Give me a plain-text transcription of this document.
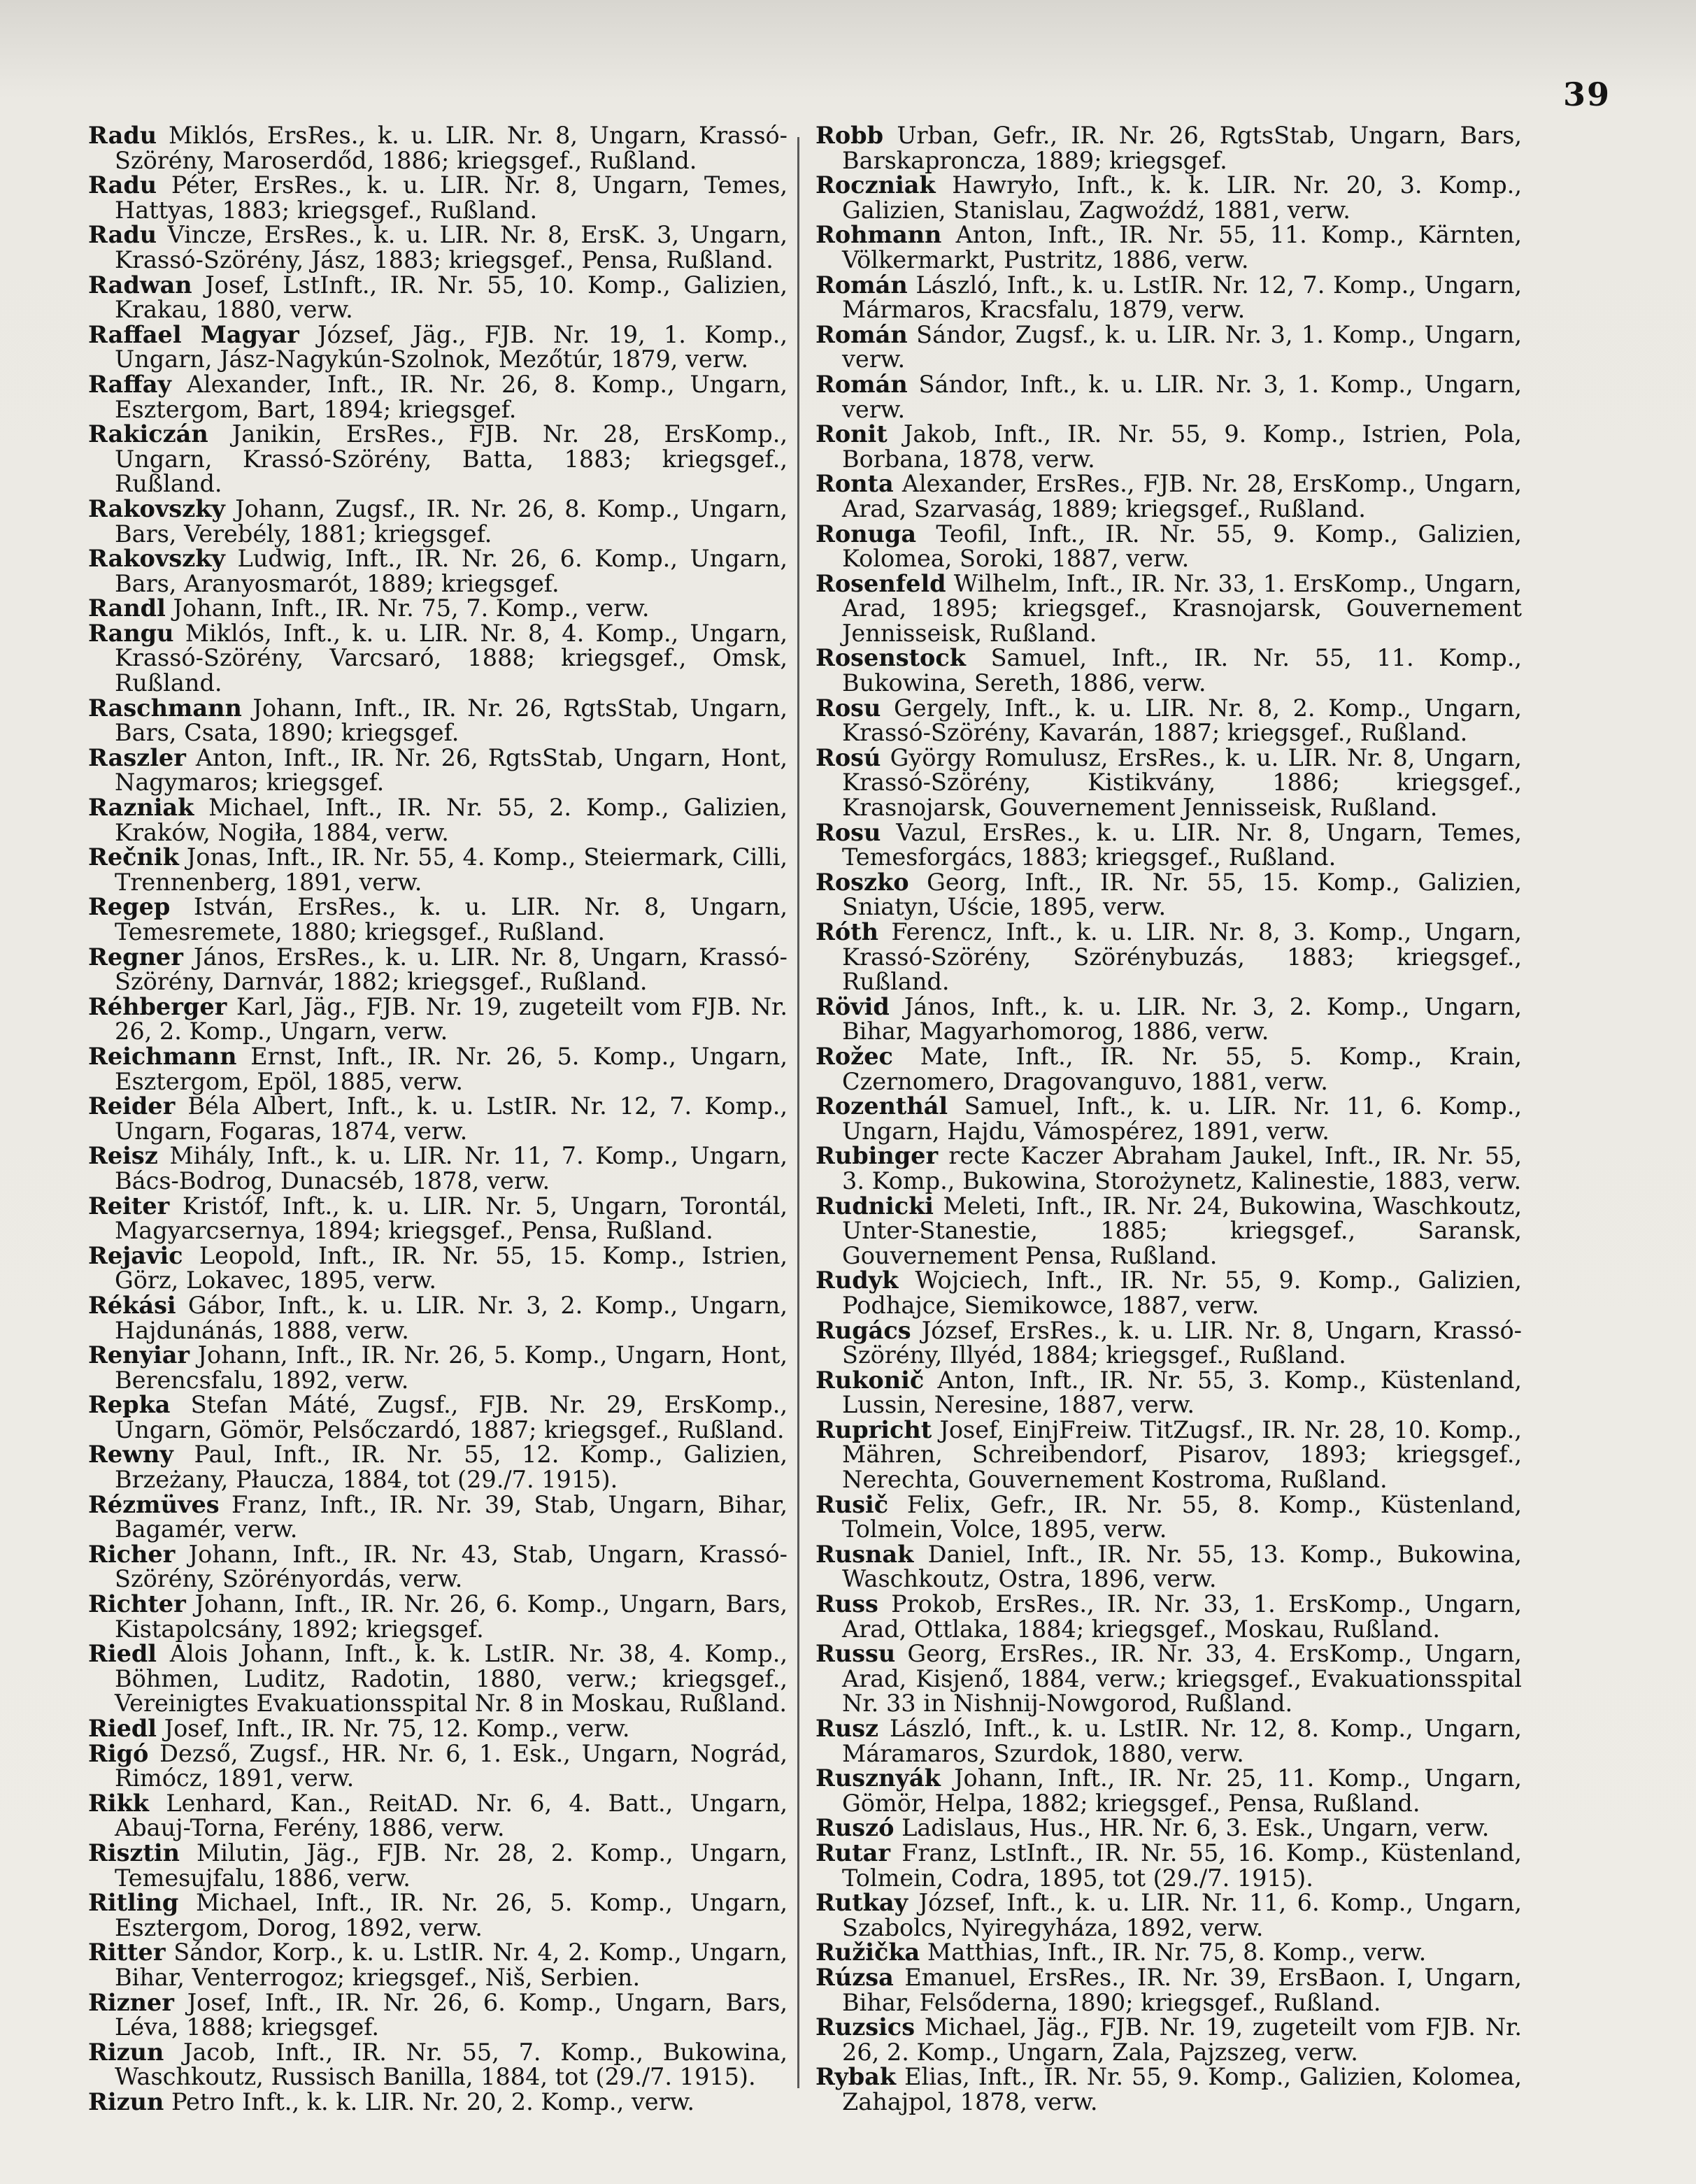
39

Radu Miklós, ErsRes., k. u. LIR. Nr. 8, Ungarn, Krassó-Szörény, Maroserdőd, 1886; kriegsgef., Rußland.

Radu Péter, ErsRes., k. u. LIR. Nr. 8, Ungarn, Temes, Hattyas, 1883; kriegsgef., Rußland.

Radu Vincze, ErsRes., k. u. LIR. Nr. 8, ErsK. 3, Ungarn, Krassó-Szörény, Jász, 1883; kriegsgef., Pensa, Rußland.

Radwan Josef, LstInft., IR. Nr. 55, 10. Komp., Galizien, Krakau, 1880, verw.

Raffael Magyar József, Jäg., FJB. Nr. 19, 1. Komp., Ungarn, Jász-Nagykún-Szolnok, Mezőtúr, 1879, verw.

Raffay Alexander, Inft., IR. Nr. 26, 8. Komp., Ungarn, Esztergom, Bart, 1894; kriegsgef.

Rakiczán Janikin, ErsRes., FJB. Nr. 28, ErsKomp., Ungarn, Krassó-Szörény, Batta, 1883; kriegsgef., Rußland.

Rakovszky Johann, Zugsf., IR. Nr. 26, 8. Komp., Ungarn, Bars, Verebély, 1881; kriegsgef.

Rakovszky Ludwig, Inft., IR. Nr. 26, 6. Komp., Ungarn, Bars, Aranyosmarót, 1889; kriegsgef.

Randl Johann, Inft., IR. Nr. 75, 7. Komp., verw.

Rangu Miklós, Inft., k. u. LIR. Nr. 8, 4. Komp., Ungarn, Krassó-Szörény, Varcsaró, 1888; kriegsgef., Omsk, Rußland.

Raschmann Johann, Inft., IR. Nr. 26, RgtsStab, Ungarn, Bars, Csata, 1890; kriegsgef.

Raszler Anton, Inft., IR. Nr. 26, RgtsStab, Ungarn, Hont, Nagymaros; kriegsgef.

Razniak Michael, Inft., IR. Nr. 55, 2. Komp., Galizien, Kraków, Nogiła, 1884, verw.

Rečnik Jonas, Inft., IR. Nr. 55, 4. Komp., Steiermark, Cilli, Trennenberg, 1891, verw.

Regep István, ErsRes., k. u. LIR. Nr. 8, Ungarn, Temesremete, 1880; kriegsgef., Rußland.

Regner János, ErsRes., k. u. LIR. Nr. 8, Ungarn, Krassó-Szörény, Darnvár, 1882; kriegsgef., Rußland.

Réhberger Karl, Jäg., FJB. Nr. 19, zugeteilt vom FJB. Nr. 26, 2. Komp., Ungarn, verw.

Reichmann Ernst, Inft., IR. Nr. 26, 5. Komp., Ungarn, Esztergom, Epöl, 1885, verw.

Reider Béla Albert, Inft., k. u. LstIR. Nr. 12, 7. Komp., Ungarn, Fogaras, 1874, verw.

Reisz Mihály, Inft., k. u. LIR. Nr. 11, 7. Komp., Ungarn, Bács-Bodrog, Dunacséb, 1878, verw.

Reiter Kristóf, Inft., k. u. LIR. Nr. 5, Ungarn, Torontál, Magyarcsernya, 1894; kriegsgef., Pensa, Rußland.

Rejavic Leopold, Inft., IR. Nr. 55, 15. Komp., Istrien, Görz, Lokavec, 1895, verw.

Rékási Gábor, Inft., k. u. LIR. Nr. 3, 2. Komp., Ungarn, Hajdunánás, 1888, verw.

Renyiar Johann, Inft., IR. Nr. 26, 5. Komp., Ungarn, Hont, Berencsfalu, 1892, verw.

Repka Stefan Máté, Zugsf., FJB. Nr. 29, ErsKomp., Ungarn, Gömör, Pelsőczardó, 1887; kriegsgef., Rußland.

Rewny Paul, Inft., IR. Nr. 55, 12. Komp., Galizien, Brzeżany, Płaucza, 1884, tot (29./7. 1915).

Rézmüves Franz, Inft., IR. Nr. 39, Stab, Ungarn, Bihar, Bagamér, verw.

Richer Johann, Inft., IR. Nr. 43, Stab, Ungarn, Krassó-Szörény, Szörényordás, verw.

Richter Johann, Inft., IR. Nr. 26, 6. Komp., Ungarn, Bars, Kistapolcsány, 1892; kriegsgef.

Riedl Alois Johann, Inft., k. k. LstIR. Nr. 38, 4. Komp., Böhmen, Luditz, Radotin, 1880, verw.; kriegsgef., Vereinigtes Evakuationsspital Nr. 8 in Moskau, Rußland.

Riedl Josef, Inft., IR. Nr. 75, 12. Komp., verw.

Rigó Dezső, Zugsf., HR. Nr. 6, 1. Esk., Ungarn, Nográd, Rimócz, 1891, verw.

Rikk Lenhard, Kan., ReitAD. Nr. 6, 4. Batt., Ungarn, Abauj-Torna, Ferény, 1886, verw.

Risztin Milutin, Jäg., FJB. Nr. 28, 2. Komp., Ungarn, Temesujfalu, 1886, verw.

Ritling Michael, Inft., IR. Nr. 26, 5. Komp., Ungarn, Esztergom, Dorog, 1892, verw.

Ritter Sándor, Korp., k. u. LstIR. Nr. 4, 2. Komp., Ungarn, Bihar, Venterrogoz; kriegsgef., Niš, Serbien.

Rizner Josef, Inft., IR. Nr. 26, 6. Komp., Ungarn, Bars, Léva, 1888; kriegsgef.

Rizun Jacob, Inft., IR. Nr. 55, 7. Komp., Bukowina, Waschkoutz, Russisch Banilla, 1884, tot (29./7. 1915).

Rizun Petro Inft., k. k. LIR. Nr. 20, 2. Komp., verw.

Robb Urban, Gefr., IR. Nr. 26, RgtsStab, Ungarn, Bars, Barskapronczа, 1889; kriegsgef.

Roczniak Hawryło, Inft., k. k. LIR. Nr. 20, 3. Komp., Galizien, Stanislau, Zagwoźdź, 1881, verw.

Rohmann Anton, Inft., IR. Nr. 55, 11. Komp., Kärnten, Völkermarkt, Pustritz, 1886, verw.

Román László, Inft., k. u. LstIR. Nr. 12, 7. Komp., Ungarn, Mármaros, Kracsfalu, 1879, verw.

Román Sándor, Zugsf., k. u. LIR. Nr. 3, 1. Komp., Ungarn, verw.

Román Sándor, Inft., k. u. LIR. Nr. 3, 1. Komp., Ungarn, verw.

Ronit Jakob, Inft., IR. Nr. 55, 9. Komp., Istrien, Pola, Borbana, 1878, verw.

Ronta Alexander, ErsRes., FJB. Nr. 28, ErsKomp., Ungarn, Arad, Szarvaság, 1889; kriegsgef., Rußland.

Ronuga Teofil, Inft., IR. Nr. 55, 9. Komp., Galizien, Kolomea, Soroki, 1887, verw.

Rosenfeld Wilhelm, Inft., IR. Nr. 33, 1. ErsKomp., Ungarn, Arad, 1895; kriegsgef., Krasnojarsk, Gouvernement Jennisseisk, Rußland.

Rosenstock Samuel, Inft., IR. Nr. 55, 11. Komp., Bukowina, Sereth, 1886, verw.

Rosu Gergely, Inft., k. u. LIR. Nr. 8, 2. Komp., Ungarn, Krassó-Szörény, Kavarán, 1887; kriegsgef., Rußland.

Rosú György Romulusz, ErsRes., k. u. LIR. Nr. 8, Ungarn, Krassó-Szörény, Kistikvány, 1886; kriegsgef., Krasnojarsk, Gouvernement Jennisseisk, Rußland.

Rosu Vazul, ErsRes., k. u. LIR. Nr. 8, Ungarn, Temes, Temesforgács, 1883; kriegsgef., Rußland.

Roszko Georg, Inft., IR. Nr. 55, 15. Komp., Galizien, Sniatyn, Uście, 1895, verw.

Róth Ferencz, Inft., k. u. LIR. Nr. 8, 3. Komp., Ungarn, Krassó-Szörény, Szörénybuzás, 1883; kriegsgef., Rußland.

Rövid János, Inft., k. u. LIR. Nr. 3, 2. Komp., Ungarn, Bihar, Magyarhomorog, 1886, verw.

Rožec Mate, Inft., IR. Nr. 55, 5. Komp., Krain, Czernomero, Dragovanguvo, 1881, verw.

Rozenthál Samuel, Inft., k. u. LIR. Nr. 11, 6. Komp., Ungarn, Hajdu, Vámospérez, 1891, verw.

Rubinger recte Kaczer Abraham Jaukel, Inft., IR. Nr. 55, 3. Komp., Bukowina, Storożynetz, Kalinestie, 1883, verw.

Rudnicki Meleti, Inft., IR. Nr. 24, Bukowina, Waschkoutz, Unter-Stanestie, 1885; kriegsgef., Saransk, Gouvernement Pensa, Rußland.

Rudyk Wojciech, Inft., IR. Nr. 55, 9. Komp., Galizien, Podhajce, Siemikowce, 1887, verw.

Rugács József, ErsRes., k. u. LIR. Nr. 8, Ungarn, Krassó-Szörény, Illyéd, 1884; kriegsgef., Rußland.

Rukonič Anton, Inft., IR. Nr. 55, 3. Komp., Küstenland, Lussin, Neresine, 1887, verw.

Rupricht Josef, EinjFreiw. TitZugsf., IR. Nr. 28, 10. Komp., Mähren, Schreibendorf, Pisarov, 1893; kriegsgef., Nerechta, Gouvernement Kostroma, Rußland.

Rusič Felix, Gefr., IR. Nr. 55, 8. Komp., Küstenland, Tolmein, Volce, 1895, verw.

Rusnak Daniel, Inft., IR. Nr. 55, 13. Komp., Bukowina, Waschkoutz, Ostra, 1896, verw.

Russ Prokob, ErsRes., IR. Nr. 33, 1. ErsKomp., Ungarn, Arad, Ottlaka, 1884; kriegsgef., Moskau, Rußland.

Russu Georg, ErsRes., IR. Nr. 33, 4. ErsKomp., Ungarn, Arad, Kisjenő, 1884, verw.; kriegsgef., Evakuationsspital Nr. 33 in Nishnij-Nowgorod, Rußland.

Rusz László, Inft., k. u. LstIR. Nr. 12, 8. Komp., Ungarn, Máramaros, Szurdok, 1880, verw.

Rusznyák Johann, Inft., IR. Nr. 25, 11. Komp., Ungarn, Gömör, Helpa, 1882; kriegsgef., Pensa, Rußland.

Ruszó Ladislaus, Hus., HR. Nr. 6, 3. Esk., Ungarn, verw.

Rutar Franz, LstInft., IR. Nr. 55, 16. Komp., Küstenland, Tolmein, Codra, 1895, tot (29./7. 1915).

Rutkay József, Inft., k. u. LIR. Nr. 11, 6. Komp., Ungarn, Szabolcs, Nyiregyháza, 1892, verw.

Ružička Matthias, Inft., IR. Nr. 75, 8. Komp., verw.

Rúzsa Emanuel, ErsRes., IR. Nr. 39, ErsBaon. I, Ungarn, Bihar, Felsőderna, 1890; kriegsgef., Rußland.

Ruzsics Michael, Jäg., FJB. Nr. 19, zugeteilt vom FJB. Nr. 26, 2. Komp., Ungarn, Zala, Pajzszeg, verw.

Rybak Elias, Inft., IR. Nr. 55, 9. Komp., Galizien, Kolomea, Zahajpol, 1878, verw.
